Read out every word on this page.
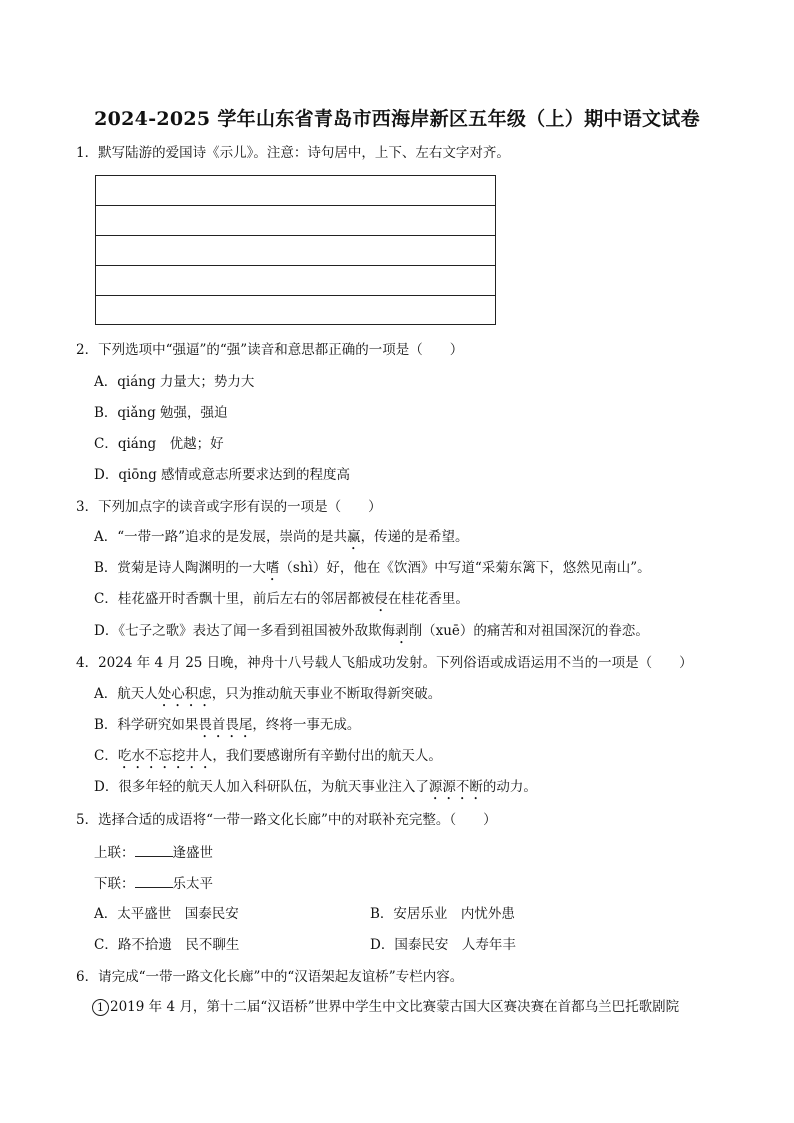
2024-2025 学年山东省青岛市西海岸新区五年级（上）期中语文试卷
1．默写陆游的爱国诗《示儿》。注意：诗句居中，上下、左右文字对齐。
2．下列选项中“强逼”的“强”读音和意思都正确的一项是（　　）
A．qiáng 力量大；势力大
B．qiǎng 勉强，强迫
C．qiáng　优越；好
D．qiōng 感情或意志所要求达到的程度高
3．下列加点字的读音或字形有误的一项是（　　）
A．“一带一路”追求的是发展，崇尚的是共赢，传递的是希望。
B．赏菊是诗人陶渊明的一大嗜（shì）好，他在《饮酒》中写道“采菊东篱下，悠然见南山”。
C．桂花盛开时香飘十里，前后左右的邻居都被侵在桂花香里。
D．《七子之歌》表达了闻一多看到祖国被外敌欺侮剥削（xuē）的痛苦和对祖国深沉的眷恋。
4．2024 年 4 月 25 日晚，神舟十八号载人飞船成功发射。下列俗语或成语运用不当的一项是（　　）
A．航天人处心积虑，只为推动航天事业不断取得新突破。
B．科学研究如果畏首畏尾，终将一事无成。
C．吃水不忘挖井人，我们要感谢所有辛勤付出的航天人。
D．很多年轻的航天人加入科研队伍，为航天事业注入了源源不断的动力。
5．选择合适的成语将“一带一路文化长廊”中的对联补充完整。（　　）
上联：	逢盛世
下联：	乐太平
A．太平盛世　国泰民安	B．安居乐业　内忧外患
C．路不拾遗　民不聊生	D．国泰民安　人寿年丰
6．请完成“一带一路文化长廊”中的“汉语架起友谊桥”专栏内容。
1 2019 年 4 月，第十二届“汉语桥”世界中学生中文比赛蒙古国大区赛决赛在首都乌兰巴托歌剧院
